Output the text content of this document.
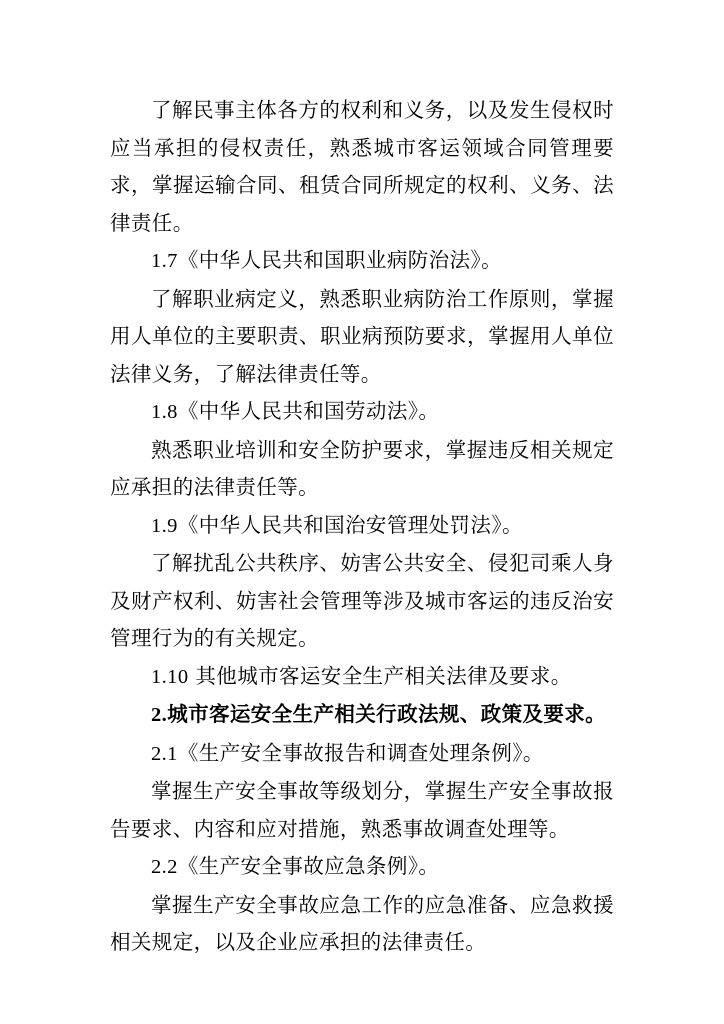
了解民事主体各方的权利和义务，以及发生侵权时应当承担的侵权责任，熟悉城市客运领域合同管理要求，掌握运输合同、租赁合同所规定的权利、义务、法律责任。

1.7《中华人民共和国职业病防治法》。

了解职业病定义，熟悉职业病防治工作原则，掌握用人单位的主要职责、职业病预防要求，掌握用人单位法律义务，了解法律责任等。

1.8《中华人民共和国劳动法》。

熟悉职业培训和安全防护要求，掌握违反相关规定应承担的法律责任等。

1.9《中华人民共和国治安管理处罚法》。

了解扰乱公共秩序、妨害公共安全、侵犯司乘人身及财产权利、妨害社会管理等涉及城市客运的违反治安管理行为的有关规定。

1.10 其他城市客运安全生产相关法律及要求。

2.城市客运安全生产相关行政法规、政策及要求。

2.1《生产安全事故报告和调查处理条例》。

掌握生产安全事故等级划分，掌握生产安全事故报告要求、内容和应对措施，熟悉事故调查处理等。

2.2《生产安全事故应急条例》。

掌握生产安全事故应急工作的应急准备、应急救援相关规定，以及企业应承担的法律责任。
